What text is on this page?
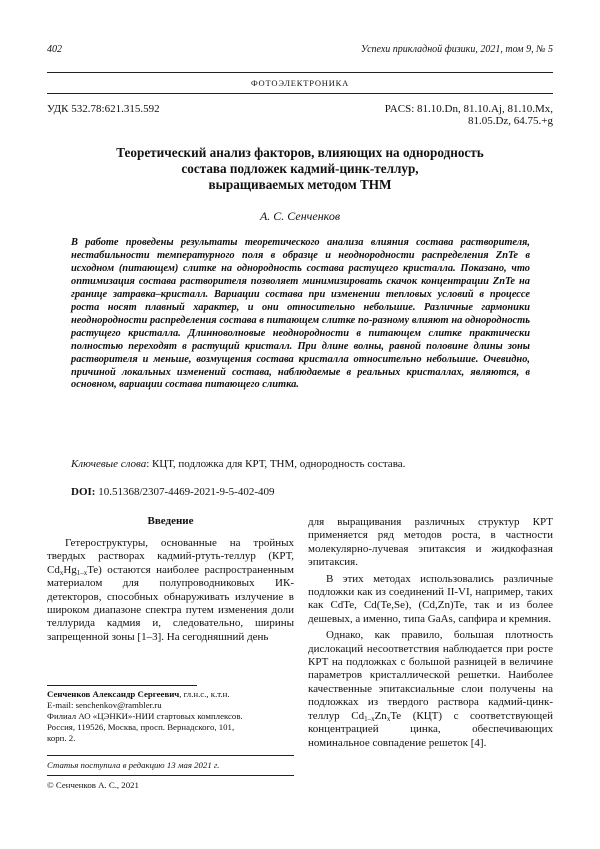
402	Успехи прикладной физики, 2021, том 9, № 5
ФОТОЭЛЕКТРОНИКА
УДК 532.78:621.315.592	PACS: 81.10.Dn, 81.10.Aj, 81.10.Mx,
81.05.Dz, 64.75.+g
Теоретический анализ факторов, влияющих на однородность
состава подложек кадмий-цинк-теллур,
выращиваемых методом ТНМ
А. С. Сенченков
В работе проведены результаты теоретического анализа влияния состава растворителя, нестабильности температурного поля в образце и неоднородности распределения ZnTe в исходном (питающем) слитке на однородность состава растущего кристалла. Показано, что оптимизация состава растворителя позволяет минимизировать скачок концентрации ZnTe на границе затравка–кристалл. Вариации состава при изменении тепловых условий в процессе роста носят плавный характер, и они относительно небольшие. Различные гармоники неоднородности распределения состава в питающем слитке по-разному влияют на однородность растущего кристалла. Длинноволновые неоднородности в питающем слитке практически полностью переходят в растущий кристалл. При длине волны, равной половине длины зоны растворителя и меньше, возмущения состава кристалла относительно небольшие. Очевидно, причиной локальных изменений состава, наблюдаемые в реальных кристаллах, являются, в основном, вариации состава питающего слитка.
Ключевые слова: КЦТ, подложка для КРТ, ТНМ, однородность состава.
DOI: 10.51368/2307-4469-2021-9-5-402-409
Введение

Гетероструктуры, основанные на тройных твердых растворах кадмий-ртуть-теллур (КРТ, $Cd_xHg_{1-x}Te$) остаются наиболее распространенным материалом для полупроводниковых ИК-детекторов, способных обнаруживать излучение в широком диапазоне спектра путем изменения доли теллурида кадмия и, следовательно, ширины запрещенной зоны [1–3]. На сегодняшний день

Сенченков Александр Сергеевич, гл.н.с., к.т.н.
E-mail: senchenkov@rambler.ru
Филиал АО «ЦЭНКИ»-НИИ стартовых комплексов.
Россия, 119526, Москва, просп. Вернадского, 101,
корп. 2.
Статья поступила в редакцию 13 мая 2021 г.
© Сенченков А. С., 2021

для выращивания различных структур КРТ применяется ряд методов роста, в частности молекулярно-лучевая эпитаксия и жидкофазная эпитаксия.

В этих методах использовались различные подложки как из соединений II-VI, например, таких как CdTe, Cd(Te,Se), (Cd,Zn)Te, так и из более дешевых, а именно, типа GaAs, сапфира и кремния.

Однако, как правило, большая плотность дислокаций несоответствия наблюдается при росте КРТ на подложках с большой разницей в величине параметров кристаллической решетки. Наиболее качественные эпитаксиальные слои получены на подложках из твердого раствора кадмий-цинк-теллур $Cd_{1-x}Zn_xTe$ (КЦТ) с соответствующей концентрацией цинка, обеспечивающих номинальное совпадение решеток [4].
